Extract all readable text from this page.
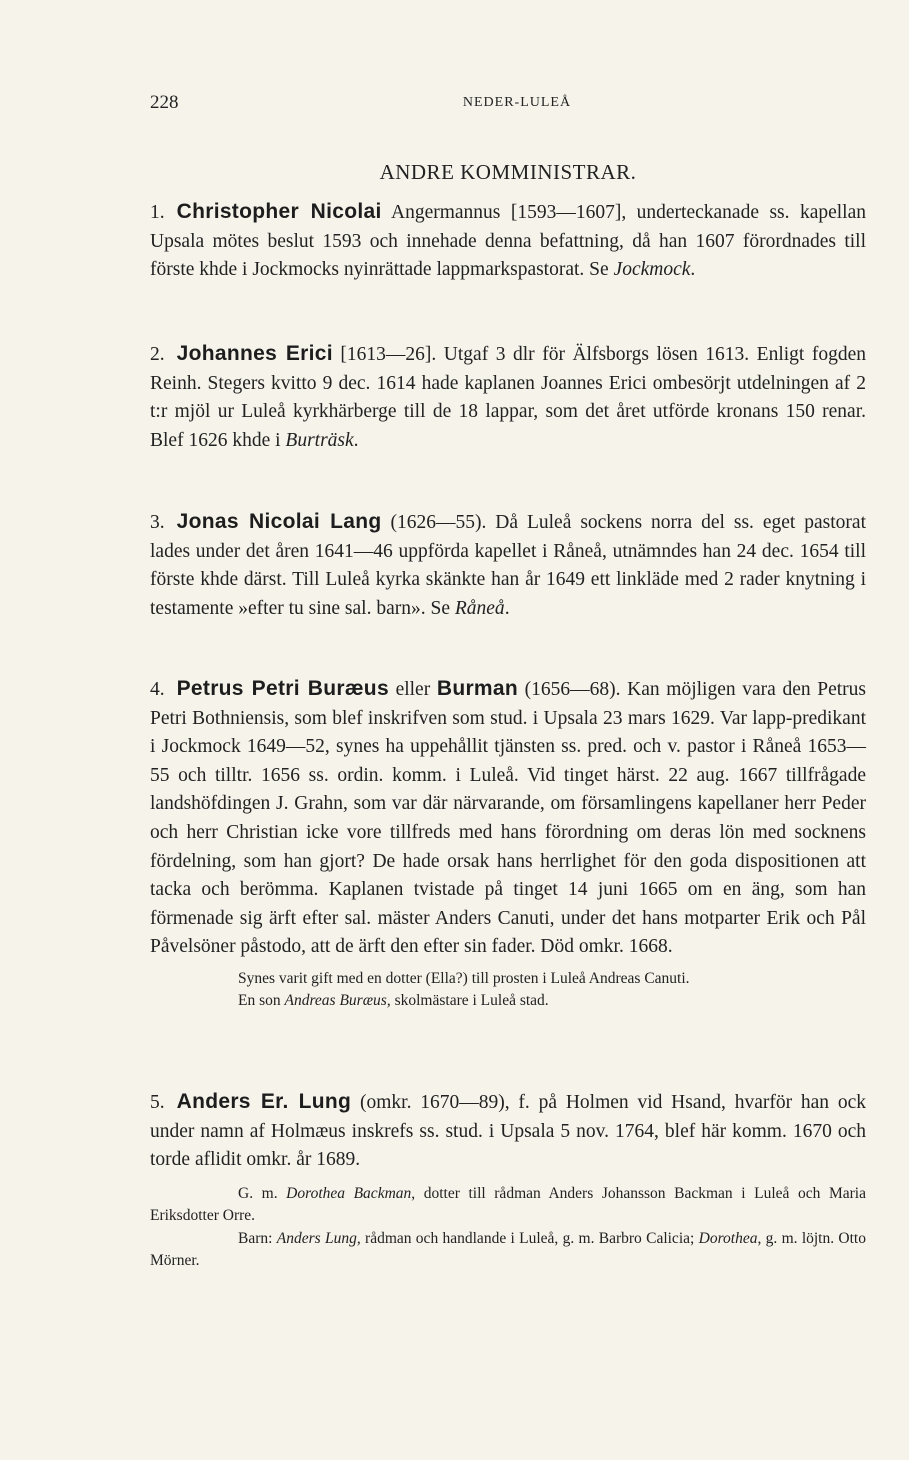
228	NEDER-LULEÅ
ANDRE KOMMINISTRAR.

1. Christopher Nicolai Angermannus [1593—1607], underteckanade ss. kapellan Upsala mötes beslut 1593 och innehade denna befattning, då han 1607 förordnades till förste khde i Jockmocks nyinrättade lappmarkspastorat. Se Jockmock.

2. Johannes Erici [1613—26]. Utgaf 3 dlr för Älfsborgs lösen 1613. Enligt fogden Reinh. Stegers kvitto 9 dec. 1614 hade kaplanen Joannes Erici ombesörjt utdelningen af 2 t:r mjöl ur Luleå kyrkhärberge till de 18 lappar, som det året utförde kronans 150 renar. Blef 1626 khde i Burträsk.

3. Jonas Nicolai Lang (1626—55). Då Luleå sockens norra del ss. eget pastorat lades under det åren 1641—46 uppförda kapellet i Råneå, utnämndes han 24 dec. 1654 till förste khde därst. Till Luleå kyrka skänkte han år 1649 ett linkläde med 2 rader knytning i testamente »efter tu sine sal. barn». Se Råneå.

4. Petrus Petri Buræus eller Burman (1656—68). Kan möjligen vara den Petrus Petri Bothniensis, som blef inskrifven som stud. i Upsala 23 mars 1629. Var lapp-predikant i Jockmock 1649—52, synes ha uppehållit tjänsten ss. pred. och v. pastor i Råneå 1653—55 och tilltr. 1656 ss. ordin. komm. i Luleå. Vid tinget härst. 22 aug. 1667 tillfrågade landshöfdingen J. Grahn, som var där närvarande, om församlingens kapellaner herr Peder och herr Christian icke vore tillfreds med hans förordning om deras lön med socknens fördelning, som han gjort? De hade orsak hans herrlighet för den goda dispositionen att tacka och berömma. Kaplanen tvistade på tinget 14 juni 1665 om en äng, som han förmenade sig ärft efter sal. mäster Anders Canuti, under det hans motparter Erik och Pål Påvelsöner påstodo, att de ärft den efter sin fader. Död omkr. 1668.

Synes varit gift med en dotter (Ella?) till prosten i Luleå Andreas Canuti.

En son Andreas Buræus, skolmästare i Luleå stad.

5. Anders Er. Lung (omkr. 1670—89), f. på Holmen vid Hsand, hvarför han ock under namn af Holmæus inskrefs ss. stud. i Upsala 5 nov. 1764, blef här komm. 1670 och torde aflidit omkr. år 1689.

G. m. Dorothea Backman, dotter till rådman Anders Johansson Backman i Luleå och Maria Eriksdotter Orre.

Barn: Anders Lung, rådman och handlande i Luleå, g. m. Barbro Calicia; Dorothea, g. m. löjtn. Otto Mörner.
